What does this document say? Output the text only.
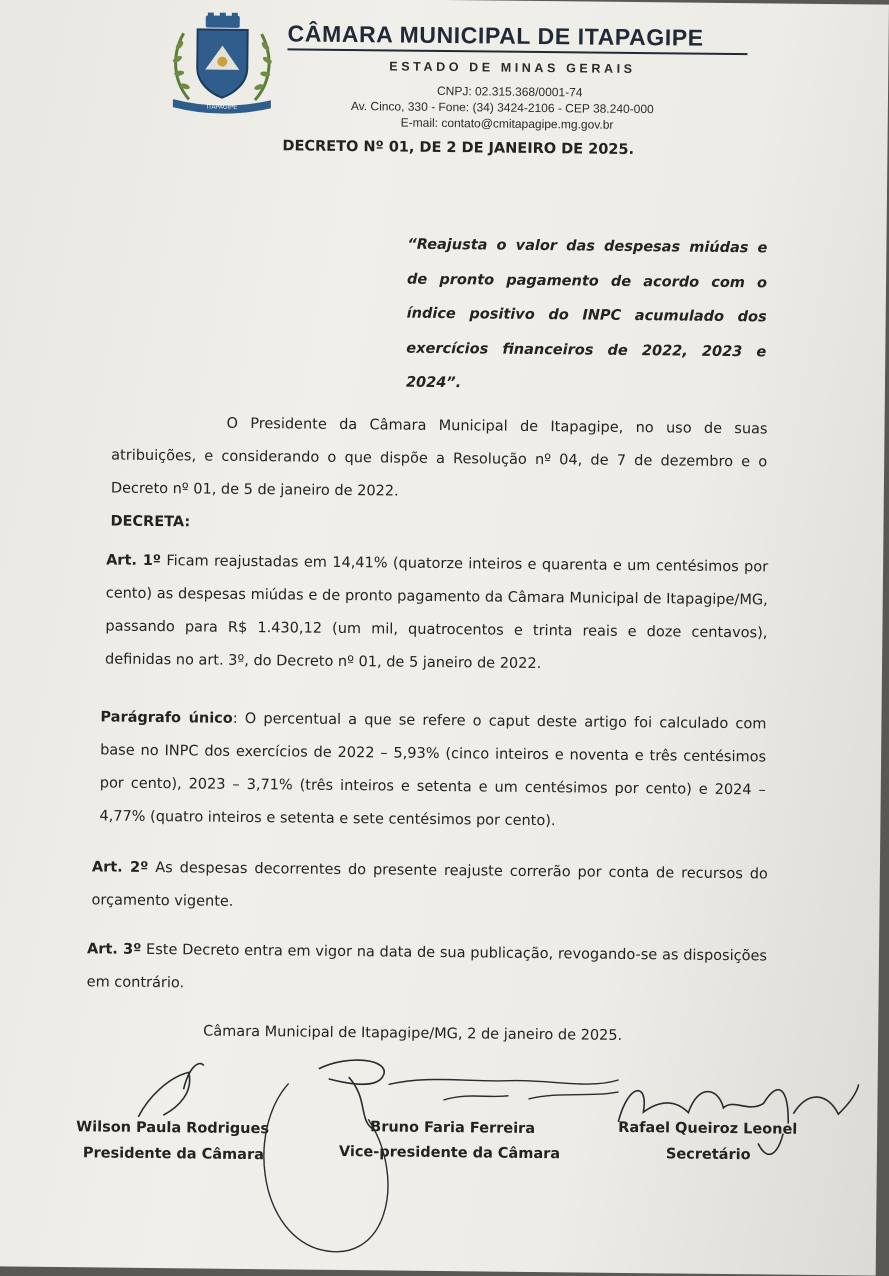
ITAPAGIPE
CÂMARA MUNICIPAL DE ITAPAGIPE
ESTADO DE MINAS GERAIS
CNPJ: 02.315.368/0001-74
Av. Cinco, 330 - Fone: (34) 3424-2106 - CEP 38.240-000
E-mail: contato@cmitapagipe.mg.gov.br
DECRETO Nº 01, DE 2 DE JANEIRO DE 2025.
“Reajusta o valor das despesas miúdas e de pronto pagamento de acordo com o índice positivo do INPC acumulado dos exercícios financeiros de 2022, 2023 e 2024”.
O Presidente da Câmara Municipal de Itapagipe, no uso de suas atribuições, e considerando o que dispõe a Resolução nº 04, de 7 de dezembro e o Decreto nº 01, de 5 de janeiro de 2022.
DECRETA:
Art. 1º Ficam reajustadas em 14,41% (quatorze inteiros e quarenta e um centésimos por cento) as despesas miúdas e de pronto pagamento da Câmara Municipal de Itapagipe/MG, passando para R$ 1.430,12 (um mil, quatrocentos e trinta reais e doze centavos), definidas no art. 3º, do Decreto nº 01, de 5 janeiro de 2022.
Parágrafo único: O percentual a que se refere o caput deste artigo foi calculado com base no INPC dos exercícios de 2022 – 5,93% (cinco inteiros e noventa e três centésimos por cento), 2023 – 3,71% (três inteiros e setenta e um centésimos por cento) e 2024 – 4,77% (quatro inteiros e setenta e sete centésimos por cento).
Art. 2º As despesas decorrentes do presente reajuste correrão por conta de recursos do orçamento vigente.
Art. 3º Este Decreto entra em vigor na data de sua publicação, revogando-se as disposições em contrário.
Câmara Municipal de Itapagipe/MG, 2 de janeiro de 2025.
Wilson Paula Rodrigues
Presidente da Câmara
Bruno Faria Ferreira
Vice-presidente da Câmara
Rafael Queiroz Leonel
Secretário
